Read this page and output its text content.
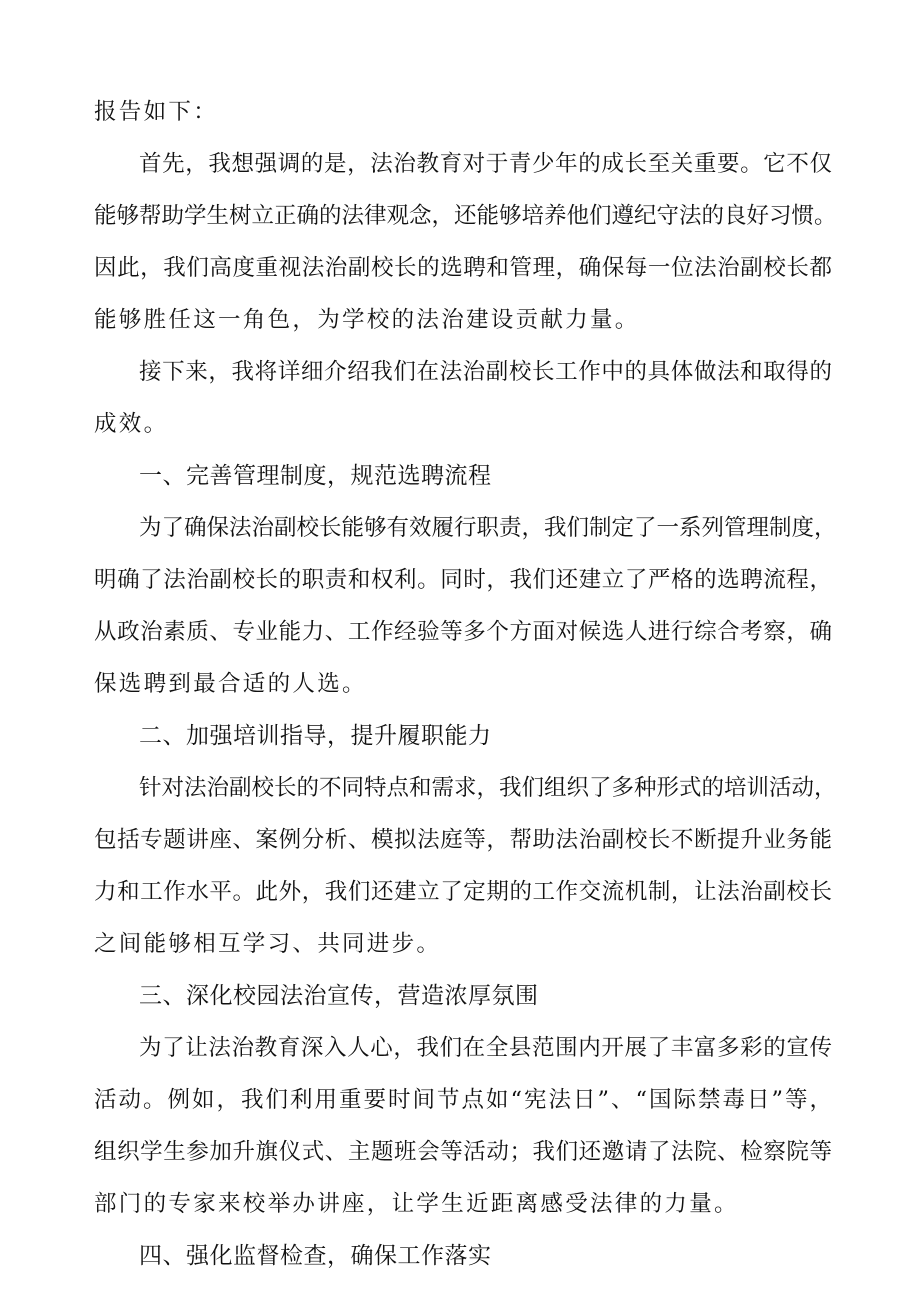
报告如下：
首先，我想强调的是，法治教育对于青少年的成长至关重要。它不仅
能够帮助学生树立正确的法律观念，还能够培养他们遵纪守法的良好习惯。
因此，我们高度重视法治副校长的选聘和管理，确保每一位法治副校长都
能够胜任这一角色，为学校的法治建设贡献力量。
接下来，我将详细介绍我们在法治副校长工作中的具体做法和取得的
成效。
一、完善管理制度，规范选聘流程
为了确保法治副校长能够有效履行职责，我们制定了一系列管理制度，
明确了法治副校长的职责和权利。同时，我们还建立了严格的选聘流程，
从政治素质、专业能力、工作经验等多个方面对候选人进行综合考察，确
保选聘到最合适的人选。
二、加强培训指导，提升履职能力
针对法治副校长的不同特点和需求，我们组织了多种形式的培训活动，
包括专题讲座、案例分析、模拟法庭等，帮助法治副校长不断提升业务能
力和工作水平。此外，我们还建立了定期的工作交流机制，让法治副校长
之间能够相互学习、共同进步。
三、深化校园法治宣传，营造浓厚氛围
为了让法治教育深入人心，我们在全县范围内开展了丰富多彩的宣传
活动。例如，我们利用重要时间节点如“宪法日”、“国际禁毒日”等，
组织学生参加升旗仪式、主题班会等活动；我们还邀请了法院、检察院等
部门的专家来校举办讲座，让学生近距离感受法律的力量。
四、强化监督检查，确保工作落实
